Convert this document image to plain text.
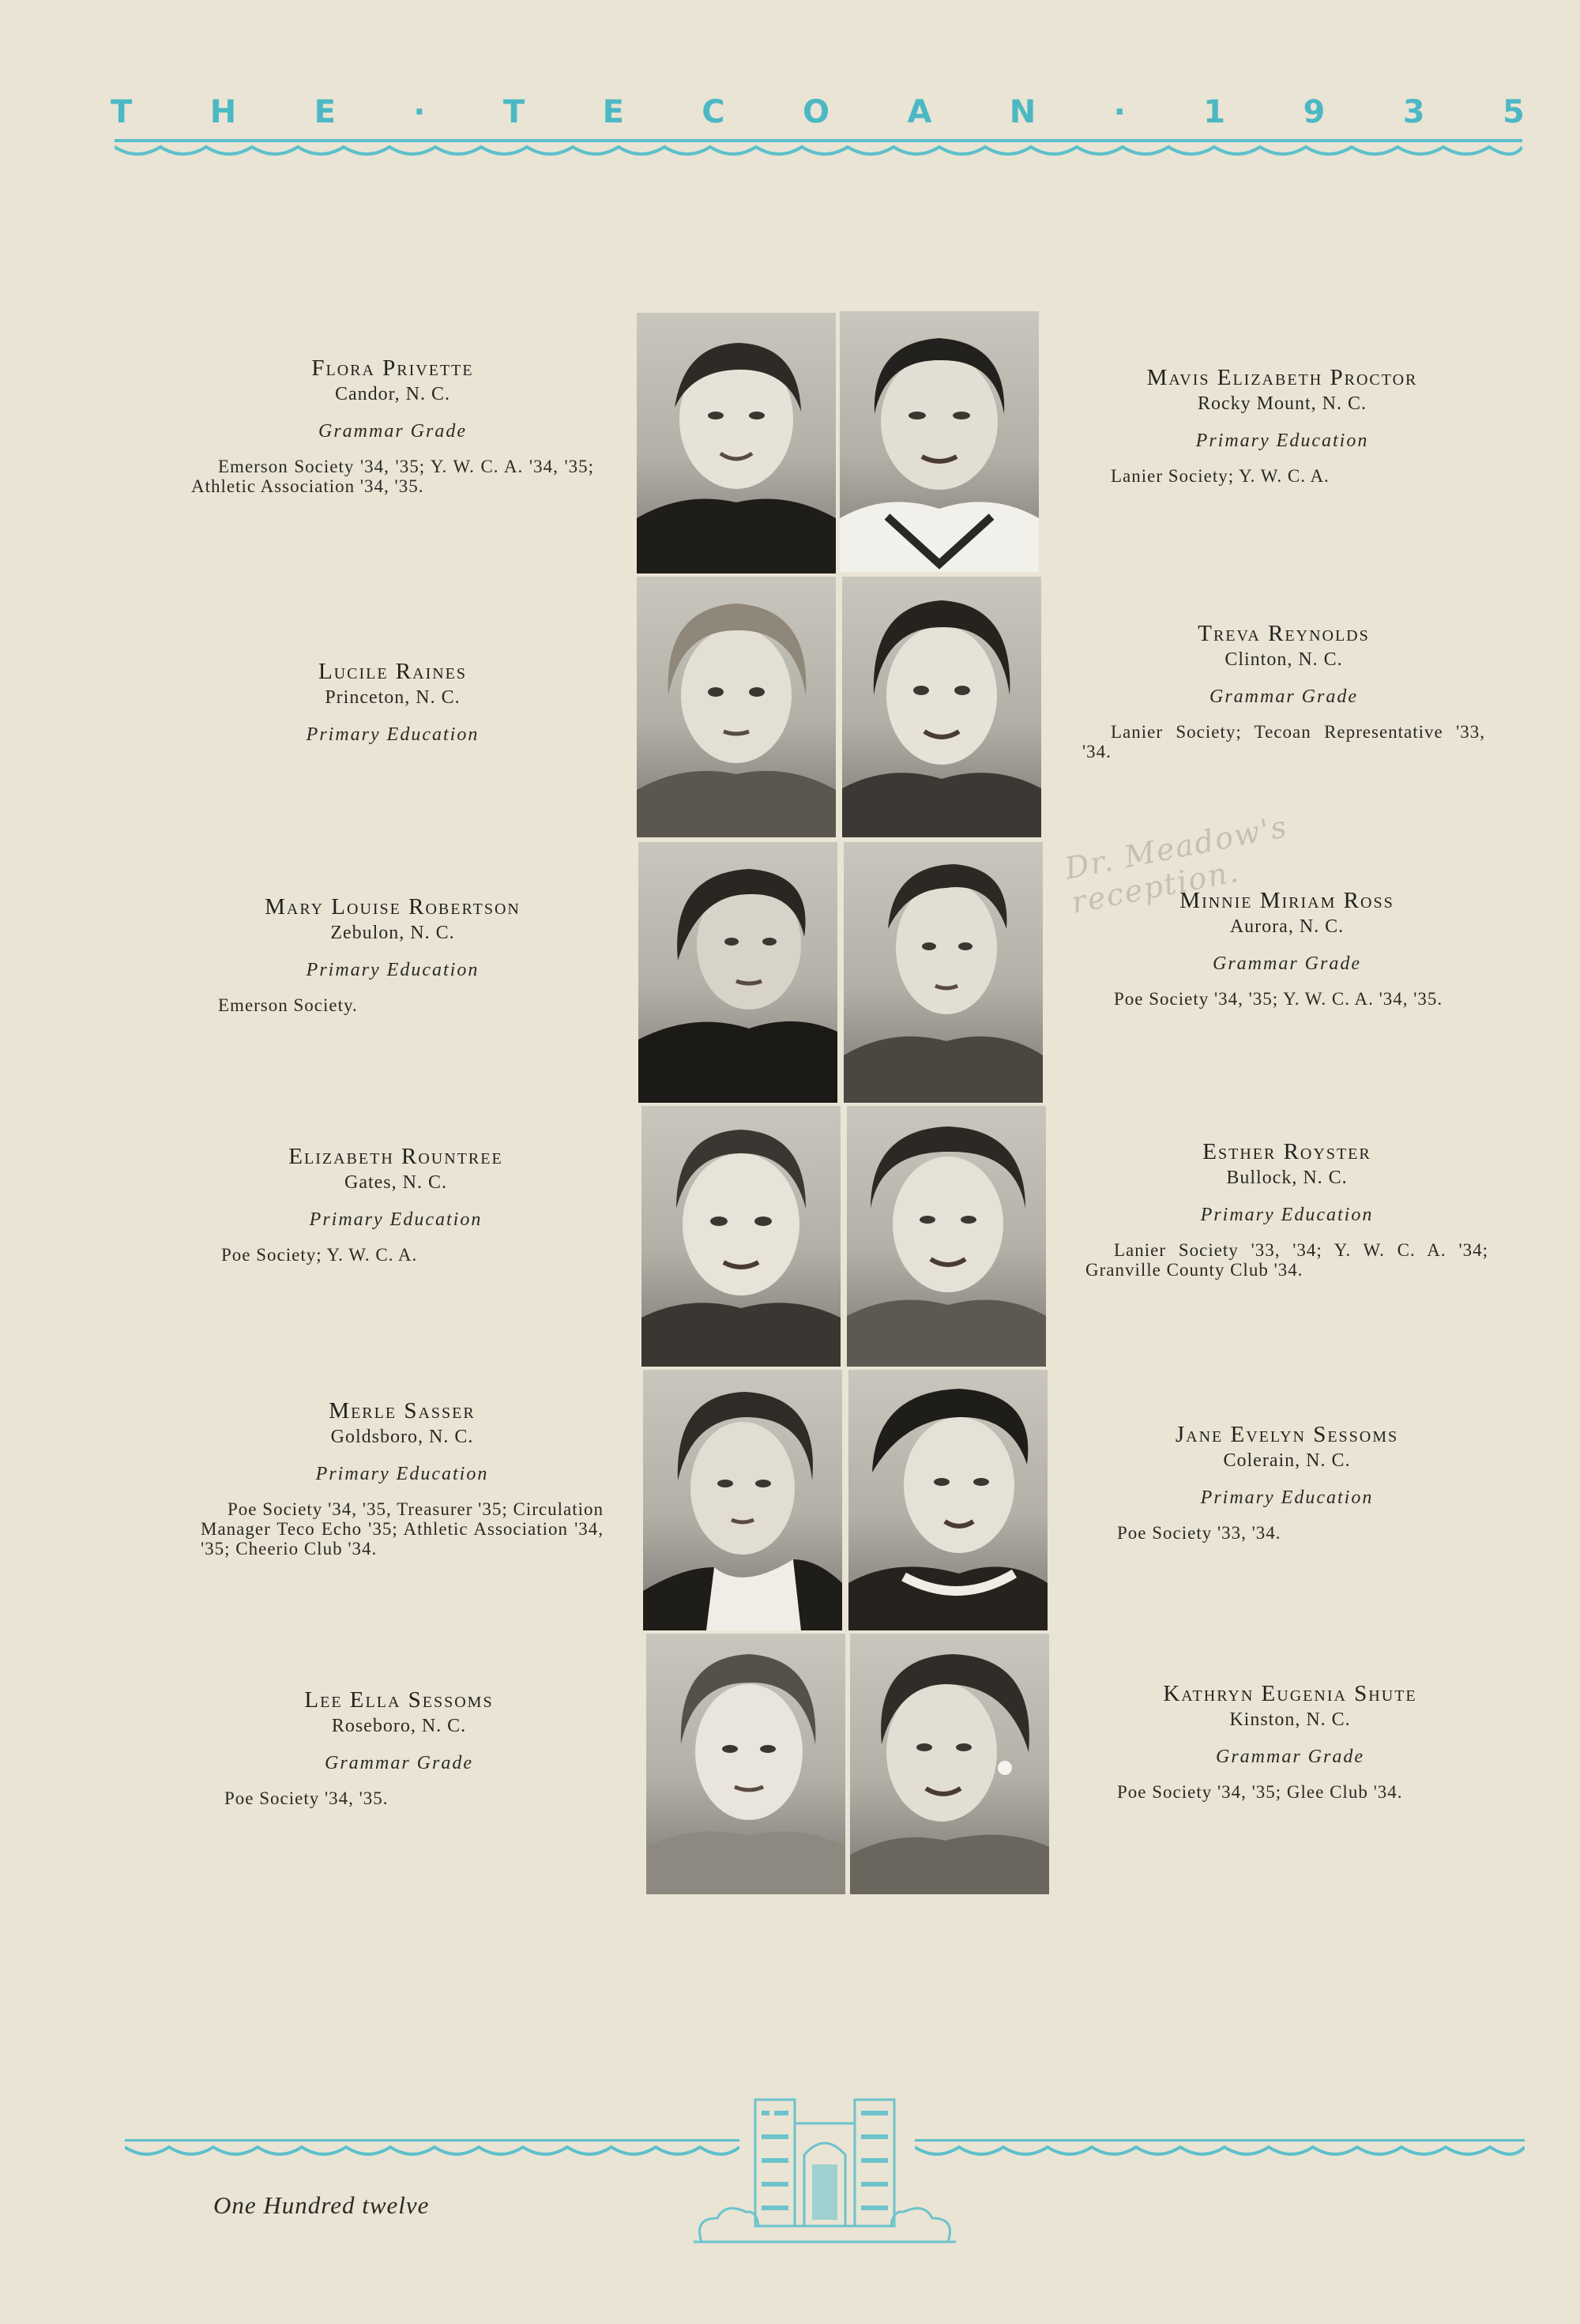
T H E · T E C O A N · 1 9 3 5
Flora Privette
Candor, N. C.
Grammar Grade
Emerson Society '34, '35; Y. W. C. A. '34, '35; Athletic Association '34, '35.
Lucile Raines
Princeton, N. C.
Primary Education
Mary Louise Robertson
Zebulon, N. C.
Primary Education
Emerson Society.
Elizabeth Rountree
Gates, N. C.
Primary Education
Poe Society; Y. W. C. A.
Merle Sasser
Goldsboro, N. C.
Primary Education
Poe Society '34, '35, Treasurer '35; Circulation Manager Teco Echo '35; Athletic Association '34, '35; Cheerio Club '34.
Lee Ella Sessoms
Roseboro, N. C.
Grammar Grade
Poe Society '34, '35.
Mavis Elizabeth Proctor
Rocky Mount, N. C.
Primary Education
Lanier Society; Y. W. C. A.
Treva Reynolds
Clinton, N. C.
Grammar Grade
Lanier Society; Tecoan Representative '33, '34.
Minnie Miriam Ross
Aurora, N. C.
Grammar Grade
Poe Society '34, '35; Y. W. C. A. '34, '35.
Esther Royster
Bullock, N. C.
Primary Education
Lanier Society '33, '34; Y. W. C. A. '34; Granville County Club '34.
Jane Evelyn Sessoms
Colerain, N. C.
Primary Education
Poe Society '33, '34.
Kathryn Eugenia Shute
Kinston, N. C.
Grammar Grade
Poe Society '34, '35; Glee Club '34.
Dr. Meadow's reception.
One Hundred twelve
